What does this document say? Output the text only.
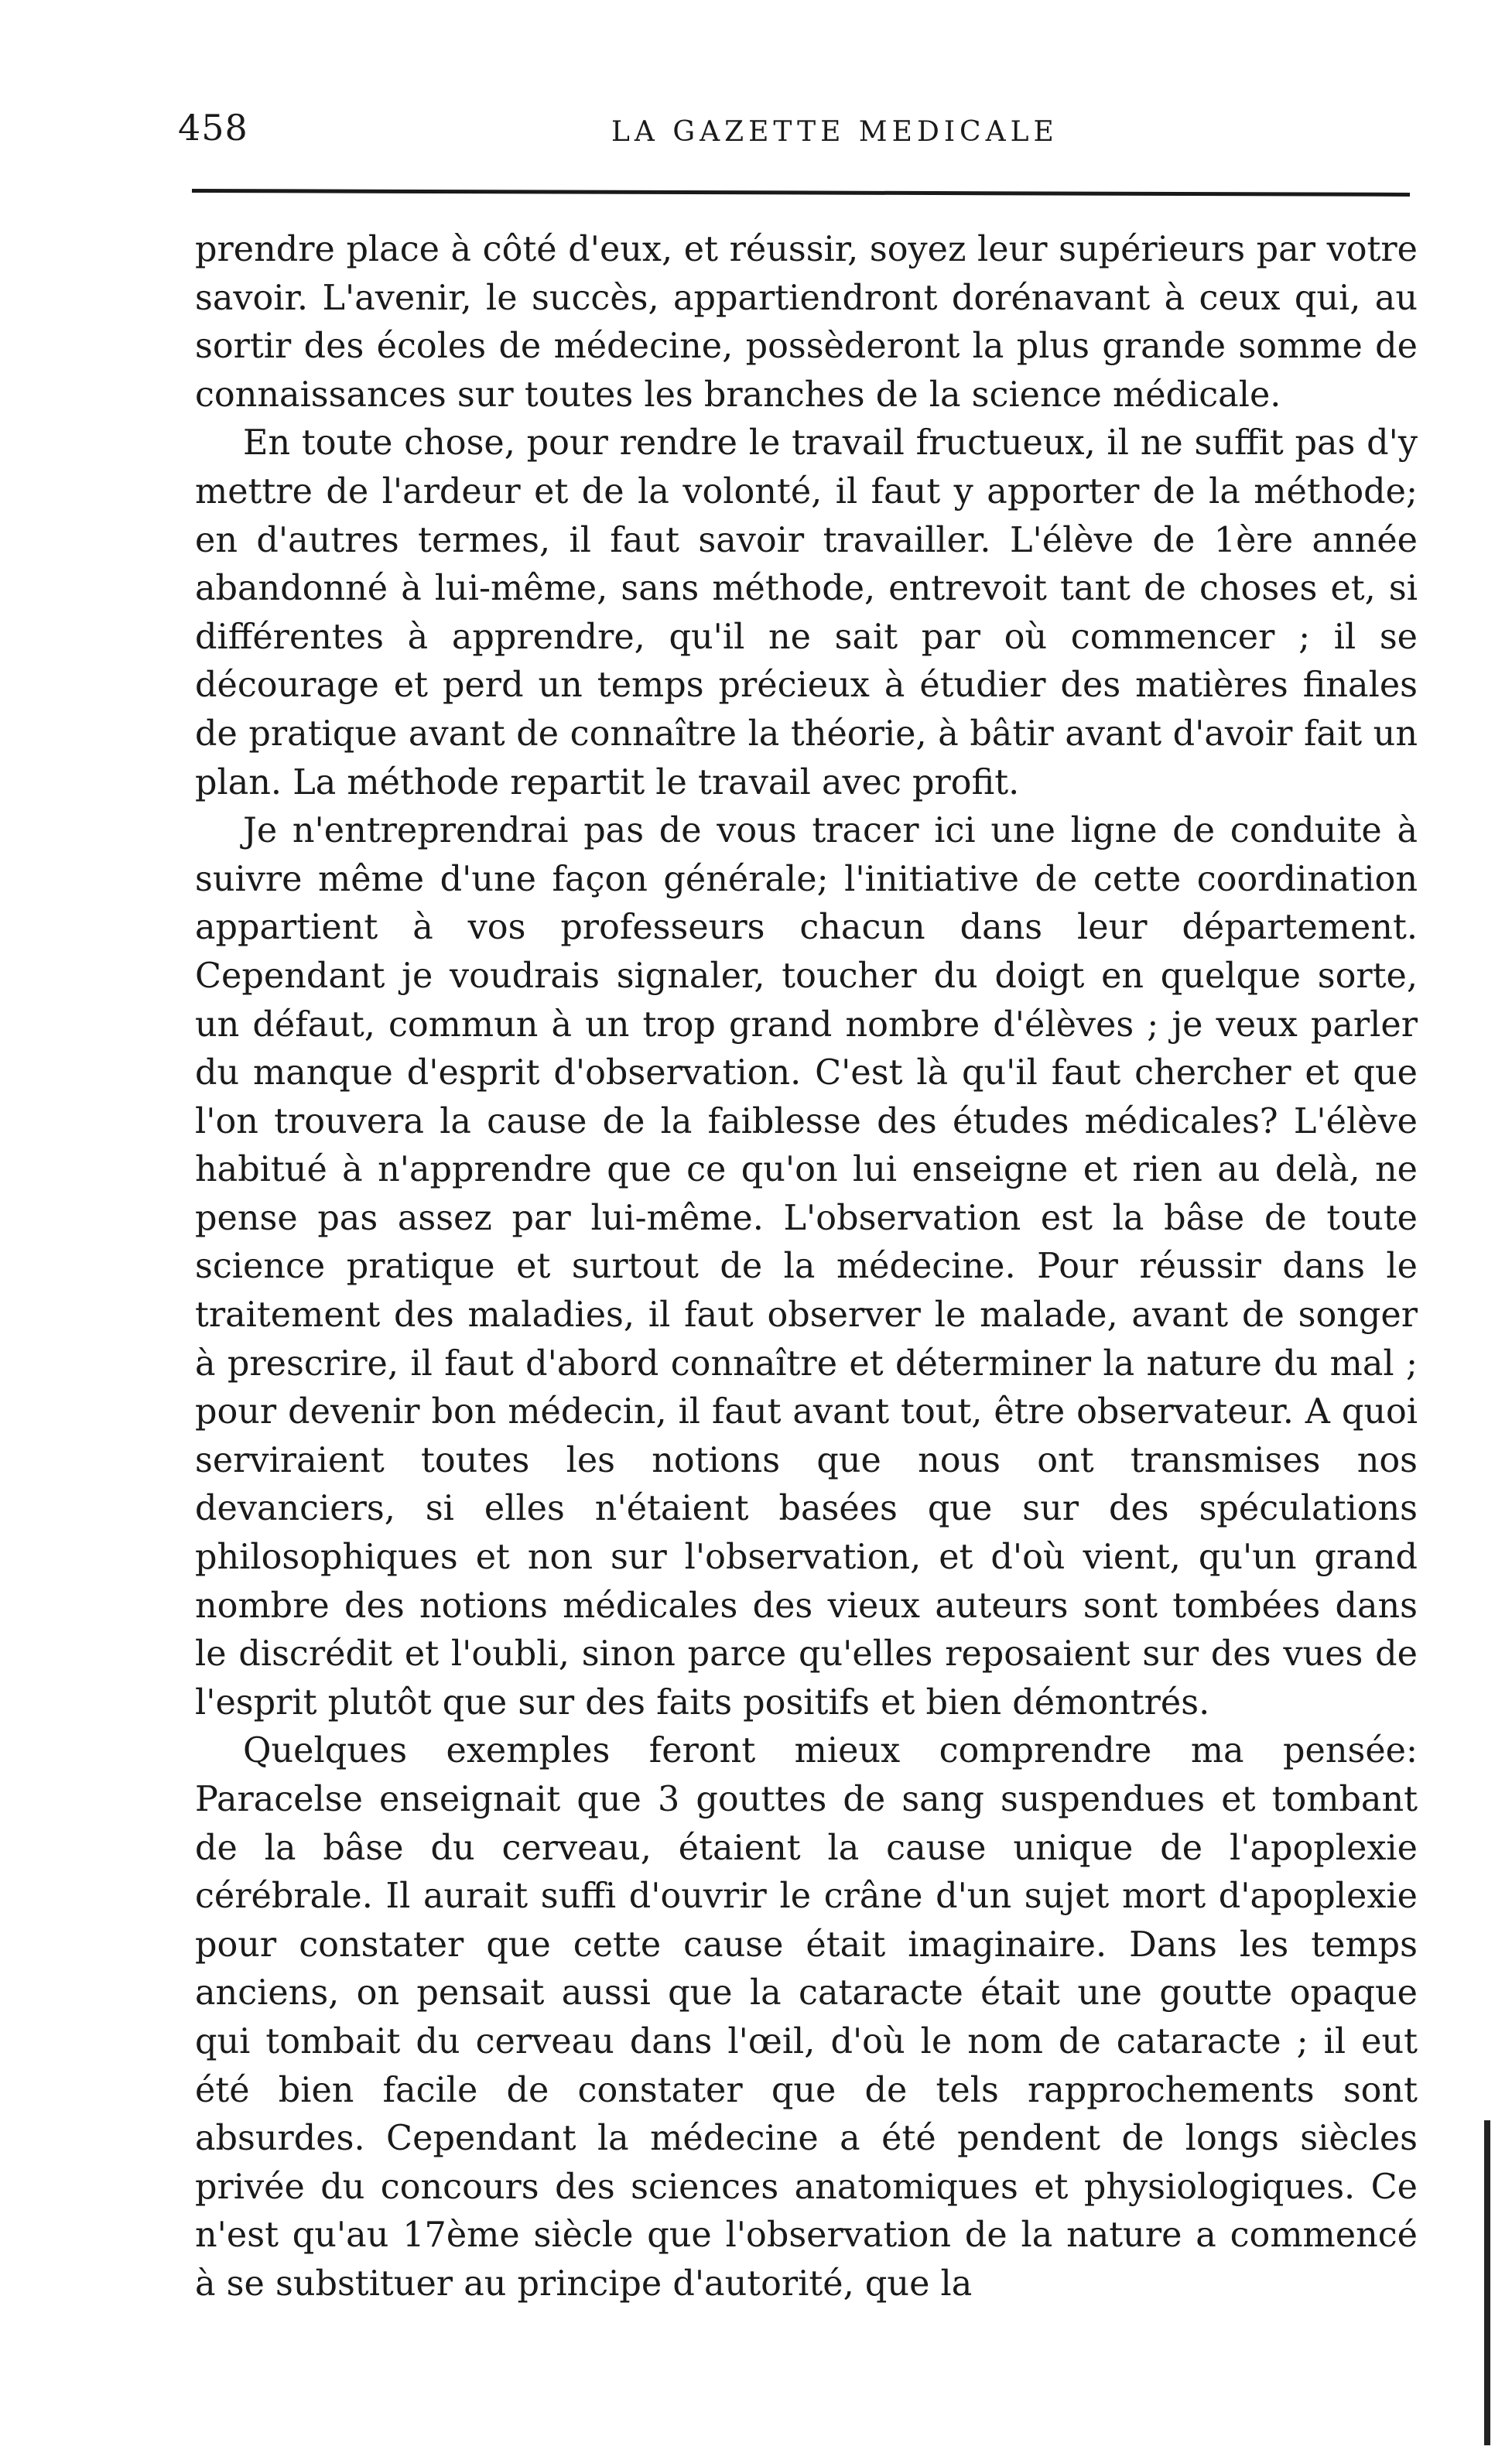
458	LA GAZETTE MEDICALE

prendre place à côté d'eux, et réussir, soyez leur supérieurs par votre savoir. L'avenir, le succès, appartiendront dorénavant à ceux qui, au sortir des écoles de médecine, possèderont la plus grande somme de connaissances sur toutes les branches de la science médicale.

En toute chose, pour rendre le travail fructueux, il ne suffit pas d'y mettre de l'ardeur et de la volonté, il faut y apporter de la méthode; en d'autres termes, il faut savoir travailler. L'élève de 1ère année abandonné à lui-même, sans méthode, entrevoit tant de choses et, si différentes à apprendre, qu'il ne sait par où commencer ; il se décourage et perd un temps précieux à étudier des matières finales de pratique avant de connaître la théorie, à bâtir avant d'avoir fait un plan. La méthode repartit le travail avec profit.

Je n'entreprendrai pas de vous tracer ici une ligne de conduite à suivre même d'une façon générale; l'initiative de cette coordination appartient à vos professeurs chacun dans leur département. Cependant je voudrais signaler, toucher du doigt en quelque sorte, un défaut, commun à un trop grand nombre d'élèves ; je veux parler du manque d'esprit d'observation. C'est là qu'il faut chercher et que l'on trouvera la cause de la faiblesse des études médicales? L'élève habitué à n'apprendre que ce qu'on lui enseigne et rien au delà, ne pense pas assez par lui-même. L'observation est la bâse de toute science pratique et surtout de la médecine. Pour réussir dans le traitement des maladies, il faut observer le malade, avant de songer à prescrire, il faut d'abord connaître et déterminer la nature du mal ; pour devenir bon médecin, il faut avant tout, être observateur. A quoi serviraient toutes les notions que nous ont transmises nos devanciers, si elles n'étaient basées que sur des spéculations philosophiques et non sur l'observation, et d'où vient, qu'un grand nombre des notions médicales des vieux auteurs sont tombées dans le discrédit et l'oubli, sinon parce qu'elles reposaient sur des vues de l'esprit plutôt que sur des faits positifs et bien démontrés.

Quelques exemples feront mieux comprendre ma pensée: Paracelse enseignait que 3 gouttes de sang suspendues et tombant de la bâse du cerveau, étaient la cause unique de l'apoplexie cérébrale. Il aurait suffi d'ouvrir le crâne d'un sujet mort d'apoplexie pour constater que cette cause était imaginaire. Dans les temps anciens, on pensait aussi que la cataracte était une goutte opaque qui tombait du cerveau dans l'œil, d'où le nom de cataracte ; il eut été bien facile de constater que de tels rapprochements sont absurdes. Cependant la médecine a été pendent de longs siècles privée du concours des sciences anatomiques et physiologiques. Ce n'est qu'au 17ème siècle que l'observation de la nature a commencé à se substituer au principe d'autorité, que la
